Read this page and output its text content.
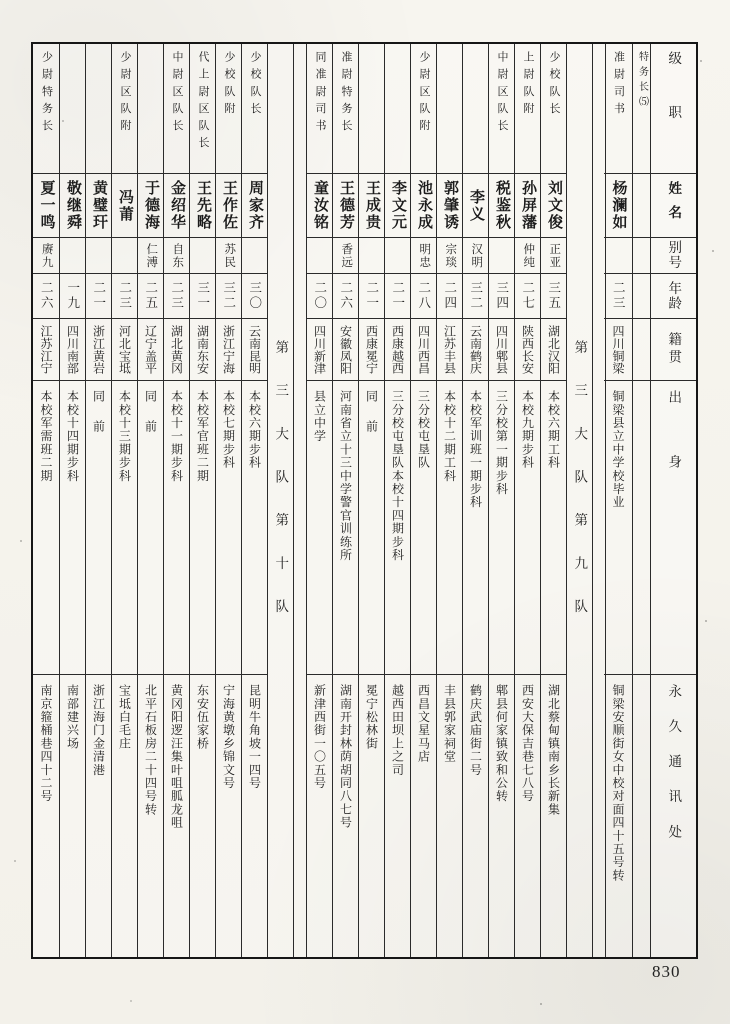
级职
姓名
别号
年龄
籍贯
出身
永久通讯处
特务长⑸
准尉司书
杨澜如
二三
四川铜梁
铜梁县立中学校毕业
铜梁安顺街女中校对面四十五号转
第三大队第九队
少校队长
刘文俊
正亚
三五
湖北汉阳
本校六期工科
湖北蔡甸镇南乡长新集
上尉队附
孙屏藩
仲纯
二七
陕西长安
本校九期步科
西安大保吉巷七八号
中尉区队长
税鉴秋
三四
四川郫县
三分校第一期步科
郫县何家镇致和公转
李义
汉明
三二
云南鹤庆
本校军训班一期步科
鹤庆武庙街二号
郭肇诱
宗琰
二四
江苏丰县
本校十二期工科
丰县郭家祠堂
少尉区队附
池永成
明忠
二八
四川西昌
三分校屯垦队
西昌文星马店
李文元
二一
西康越西
三分校屯垦队本校十四期步科
越西田坝上之司
王成贵
二一
西康冕宁
同前
冕宁松林街
准尉特务长
王德芳
香远
二六
安徽凤阳
河南省立十三中学警官训练所
湖南开封林荫胡同八七号
同准尉司书
童汝铭
二〇
四川新津
县立中学
新津西街一〇五号
第三大队第十队
少校队长
周家齐
三〇
云南昆明
本校六期步科
昆明牛角坡一四号
少校队附
王作佐
苏民
三二
浙江宁海
本校七期步科
宁海黄墩乡锦文号
代上尉区队长
王先略
三一
湖南东安
本校军官班二期
东安伍家桥
中尉区队长
金绍华
自东
二三
湖北黄冈
本校十一期步科
黄冈阳逻汪集叶咀胍龙咀
于德海
仁溥
二五
辽宁盖平
同前
北平石板房二十四号转
少尉区队附
冯莆
二三
河北宝坻
本校十三期步科
宝坻白毛庄
黄璧玕
二一
浙江黄岩
同前
浙江海门金清港
敬继舜
一九
四川南部
本校十四期步科
南部建兴场
少尉特务长
夏一鸣
赓九
二六
江苏江宁
本校军需班二期
南京箍桶巷四十二号
830
